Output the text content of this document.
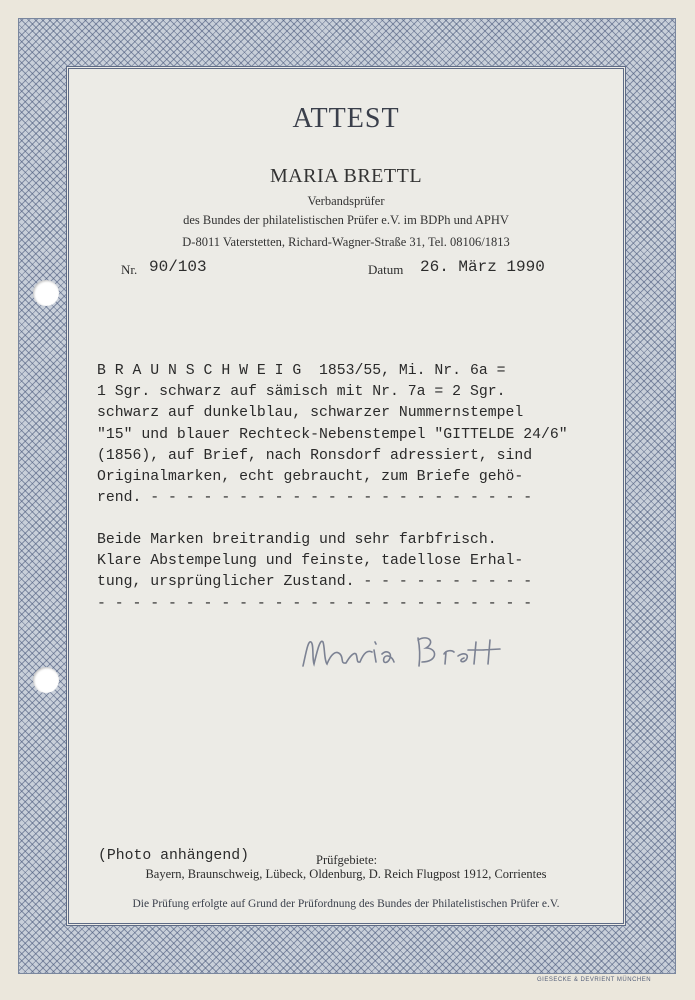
ATTEST
MARIA BRETTL
Verbandsprüfer
des Bundes der philatelistischen Prüfer e.V. im BDPh und APHV
D-8011 Vaterstetten, Richard-Wagner-Straße 31, Tel. 08106/1813
Nr. 90/103	Datum 26. März 1990
B R A U N S C H W E I G  1853/55, Mi. Nr. 6a =
1 Sgr. schwarz auf sämisch mit Nr. 7a = 2 Sgr.
schwarz auf dunkelblau, schwarzer Nummernstempel
"15" und blauer Rechteck-Nebenstempel "GITTELDE 24/6"
(1856), auf Brief, nach Ronsdorf adressiert, sind
Originalmarken, echt gebraucht, zum Briefe gehö-
rend. - - - - - - - - - - - - - - - - - - - - - -
Beide Marken breitrandig und sehr farbfrisch.
Klare Abstempelung und feinste, tadellose Erhal-
tung, ursprünglicher Zustand. - - - - - - - - - -
- - - - - - - - - - - - - - - - - - - - - - - - -
(Photo anhängend)	Prüfgebiete:
Bayern, Braunschweig, Lübeck, Oldenburg, D. Reich Flugpost 1912, Corrientes
Die Prüfung erfolgte auf Grund der Prüfordnung des Bundes der Philatelistischen Prüfer e.V.
GIESECKE & DEVRIENT MÜNCHEN
